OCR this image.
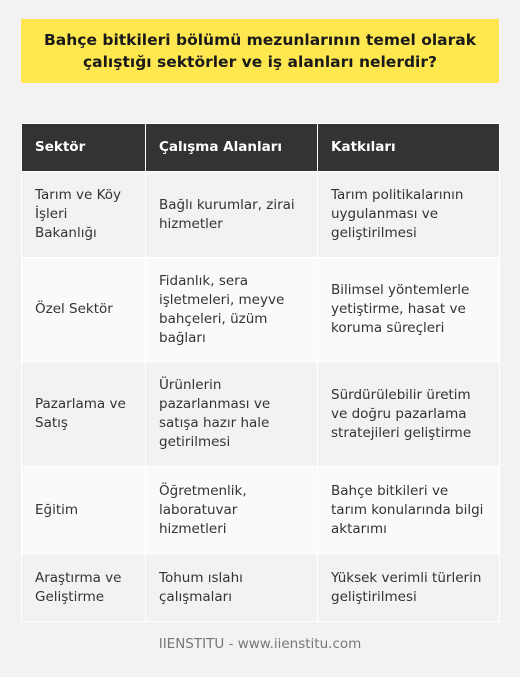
Bahçe bitkileri bölümü mezunlarının temel olarak
çalıştığı sektörler ve iş alanları nelerdir?
Sektör	Çalışma Alanları	Katkıları
Tarım ve Köy İşleri Bakanlığı	Bağlı kurumlar, zirai hizmetler	Tarım politikalarının uygulanması ve geliştirilmesi
Özel Sektör	Fidanlık, sera işletmeleri, meyve bahçeleri, üzüm bağları	Bilimsel yöntemlerle yetiştirme, hasat ve koruma süreçleri
Pazarlama ve Satış	Ürünlerin pazarlanması ve satışa hazır hale getirilmesi	Sürdürülebilir üretim ve doğru pazarlama stratejileri geliştirme
Eğitim	Öğretmenlik, laboratuvar hizmetleri	Bahçe bitkileri ve tarım konularında bilgi aktarımı
Araştırma ve Geliştirme	Tohum ıslahı çalışmaları	Yüksek verimli türlerin geliştirilmesi
IIENSTITU - www.iienstitu.com
